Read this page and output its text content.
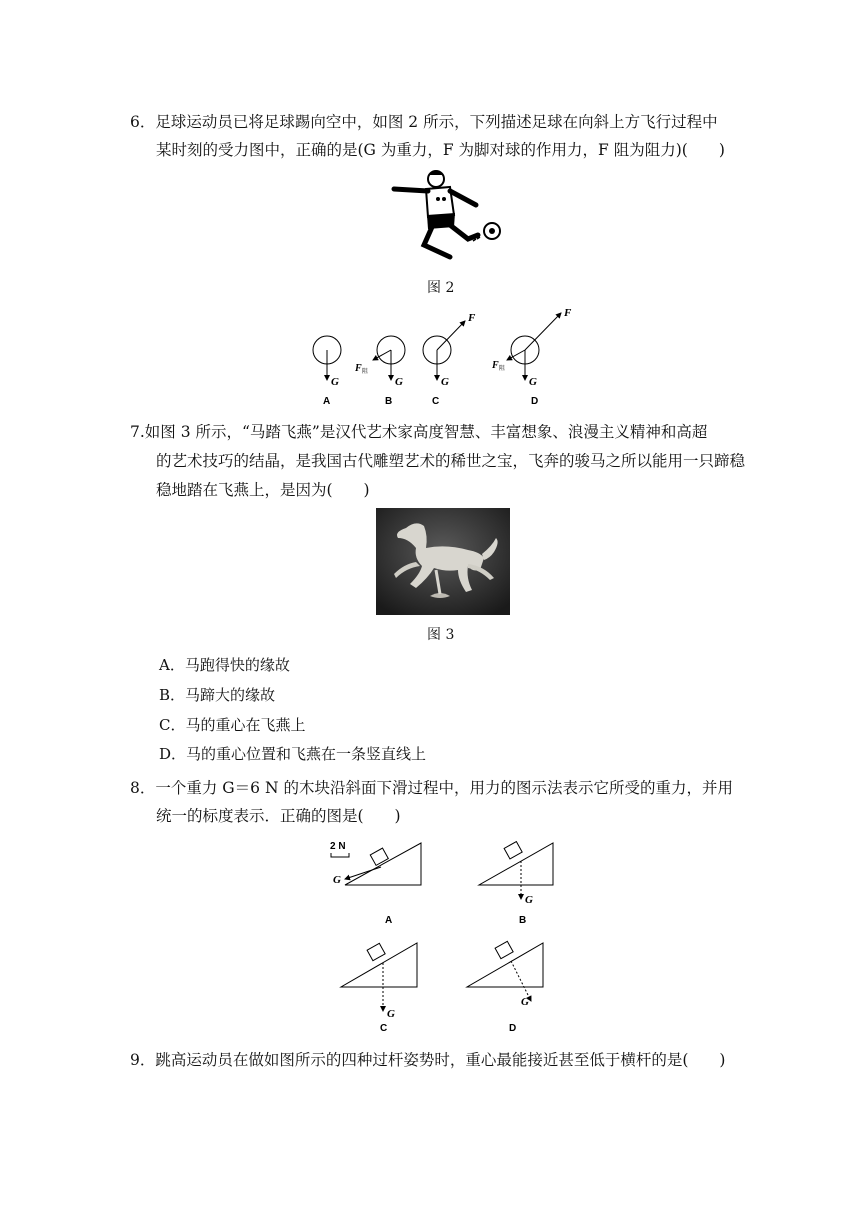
6．足球运动员已将足球踢向空中，如图 2 所示，下列描述足球在向斜上方飞行过程中
某时刻的受力图中，正确的是(G 为重力，F 为脚对球的作用力，F 阻为阻力)(　　)
图 2
G
A
F 阻
G
B
F
G
C
F
F 阻
G
D
7.如图 3 所示，“马踏飞燕”是汉代艺术家高度智慧、丰富想象、浪漫主义精神和高超
的艺术技巧的结晶，是我国古代雕塑艺术的稀世之宝，飞奔的骏马之所以能用一只蹄稳
稳地踏在飞燕上，是因为(　　)
图 3
A．马跑得快的缘故
B．马蹄大的缘故
C．马的重心在飞燕上
D．马的重心位置和飞燕在一条竖直线上
8．一个重力 G＝6 N 的木块沿斜面下滑过程中，用力的图示法表示它所受的重力，并用
统一的标度表示．正确的图是(　　)
2 N
G
A
G
B
G
C
G
D
9．跳高运动员在做如图所示的四种过杆姿势时，重心最能接近甚至低于横杆的是(　　)
